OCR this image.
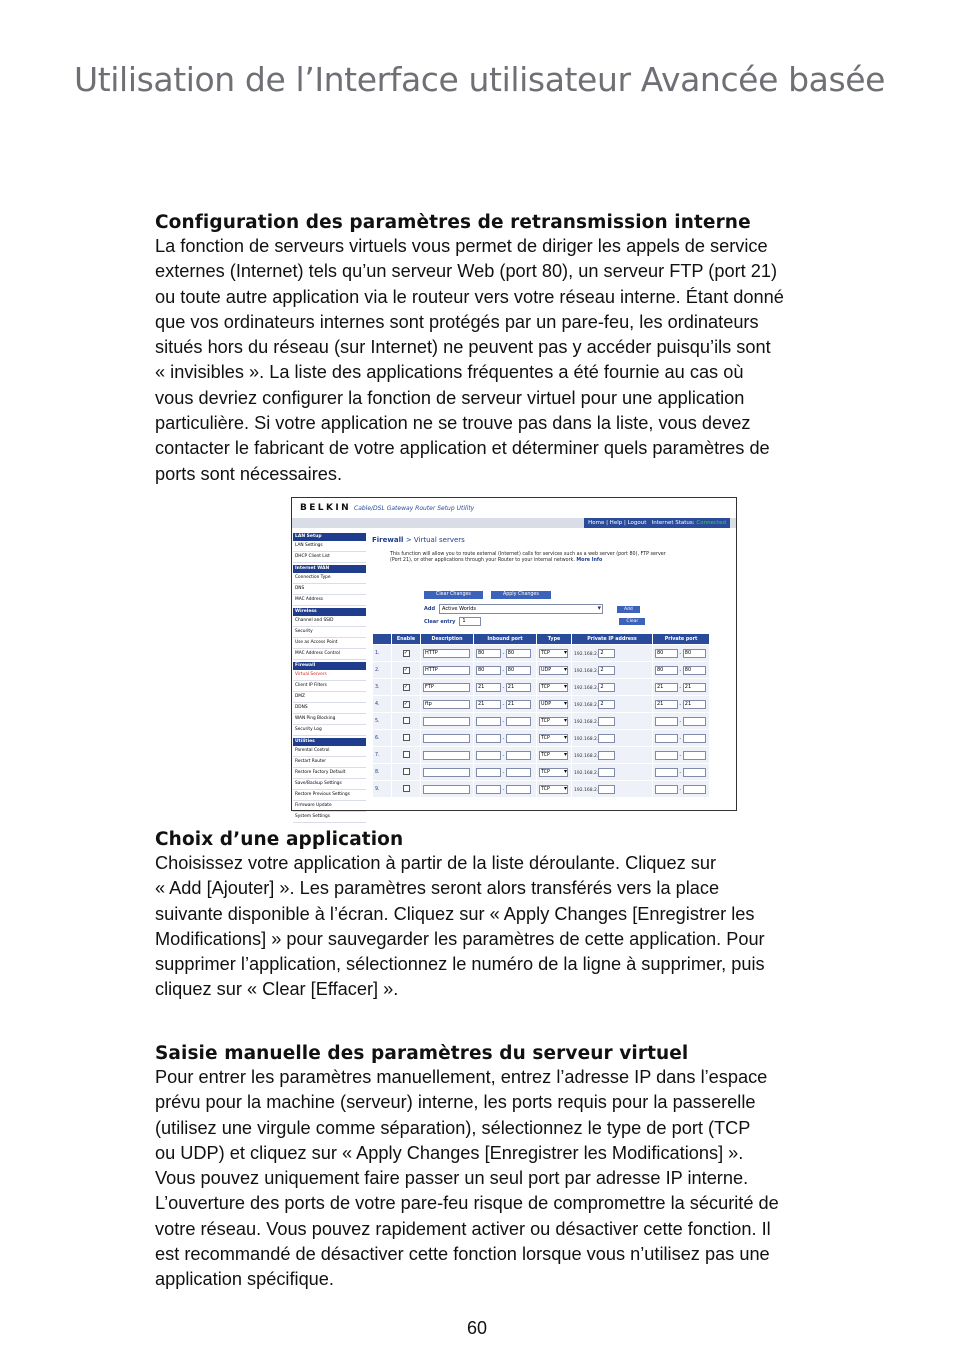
Utilisation de l’Interface utilisateur Avancée basée
Configuration des paramètres de retransmission interne
La fonction de serveurs virtuels vous permet de diriger les appels de service
externes (Internet) tels qu’un serveur Web (port 80), un serveur FTP (port 21)
ou toute autre application via le routeur vers votre réseau interne. Étant donné
que vos ordinateurs internes sont protégés par un pare-feu, les ordinateurs
situés hors du réseau (sur Internet) ne peuvent pas y accéder puisqu’ils sont
« invisibles ». La liste des applications fréquentes a été fournie au cas où
vous devriez configurer la fonction de serveur virtuel pour une application
particulière. Si votre application ne se trouve pas dans la liste, vous devez
contacter le fabricant de votre application et déterminer quels paramètres de
ports sont nécessaires.
BELKIN Cable/DSL Gateway Router Setup Utility
Home | Help | Logout Internet Status: Connected
LAN Setup
LAN Settings
DHCP Client List
Internet WAN
Connection Type
DNS
MAC Address
Wireless
Channel and SSID
Security
Use as Access Point
MAC Address Control
Firewall
Virtual Servers
Client IP Filters
DMZ
DDNS
WAN Ping Blocking
Security Log
Utilities
Parental Control
Restart Router
Restore Factory Default
Save/Backup Settings
Restore Previous Settings
Firmware Update
System Settings
Firewall > Virtual servers
This function will allow you to route external (Internet) calls for services such as a web server (port 80), FTP server (Port 21), or other applications through your Router to your internal network. More Info
Clear Changes	Apply Changes
Add	Active Worlds ▾	Add
Clear entry	1	Clear
	Enable	Description	Inbound port	Type	Private IP address	Private port
1.	✓	HTTP	80 - 80	TCP ▾	192.168.2. 2	80 - 80
2.	✓	HTTP	80 - 80	UDP ▾	192.168.2. 2	80 - 80
3.	✓	FTP	21 - 21	TCP ▾	192.168.2. 2	21 - 21
4.	✓	ftp	21 - 21	UDP ▾	192.168.2. 2	21 - 21
5.			-	TCP ▾	192.168.2.	-
6.			-	TCP ▾	192.168.2.	-
7.			-	TCP ▾	192.168.2.	-
8.			-	TCP ▾	192.168.2.	-
9.			-	TCP ▾	192.168.2.	-
Choix d’une application
Choisissez votre application à partir de la liste déroulante. Cliquez sur
« Add [Ajouter] ». Les paramètres seront alors transférés vers la place
suivante disponible à l’écran. Cliquez sur « Apply Changes [Enregistrer les
Modifications] » pour sauvegarder les paramètres de cette application. Pour
supprimer l’application, sélectionnez le numéro de la ligne à supprimer, puis
cliquez sur « Clear [Effacer] ».
Saisie manuelle des paramètres du serveur virtuel
Pour entrer les paramètres manuellement, entrez l’adresse IP dans l’espace
prévu pour la machine (serveur) interne, les ports requis pour la passerelle
(utilisez une virgule comme séparation), sélectionnez le type de port (TCP
ou UDP) et cliquez sur « Apply Changes [Enregistrer les Modifications] ».
Vous pouvez uniquement faire passer un seul port par adresse IP interne.
L’ouverture des ports de votre pare-feu risque de compromettre la sécurité de
votre réseau. Vous pouvez rapidement activer ou désactiver cette fonction. Il
est recommandé de désactiver cette fonction lorsque vous n’utilisez pas une
application spécifique.
60
